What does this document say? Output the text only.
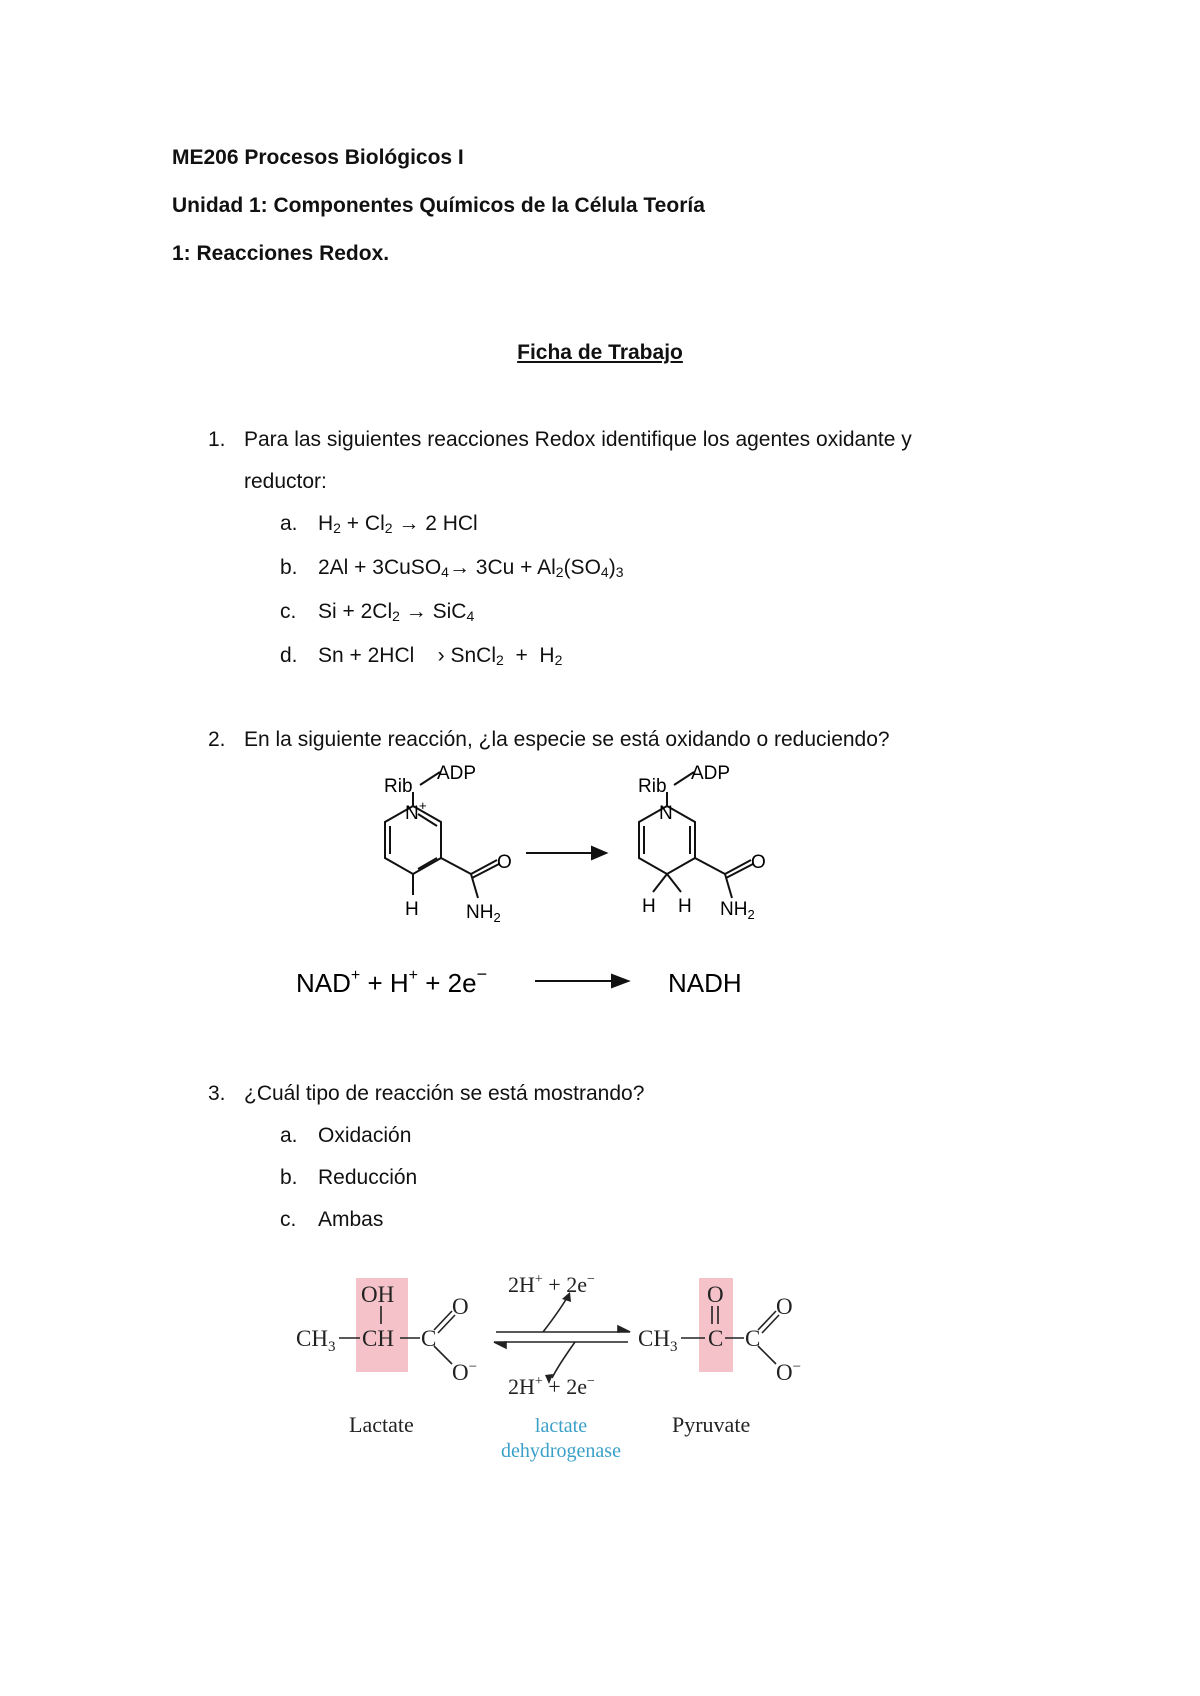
ME206 Procesos Biológicos I
Unidad 1: Componentes Químicos de la Célula Teoría
1: Reacciones Redox.
Ficha de Trabajo
1. Para las siguientes reacciones Redox identifique los agentes oxidante y
reductor:
a. $H_2 + Cl_2 \to 2$ HCl
b. 2Al + 3CuSO$_4$→ $3Cu + Al_2(SO_4)_3$
c. $Si + 2Cl_2 \to SiC_4$
d. Sn + 2HCl    › SnCl$_2$  +  $H_2$
2. En la siguiente reacción, ¿la especie se está oxidando o reduciendo?
Rib
ADP
N +
O
H $NH_2$
Rib
ADP
N
O
H H $NH_2$
NAD+ + H+ + 2e−	NADH
3. ¿Cuál tipo de reacción se está mostrando?
a. Oxidación
b. Reducción
c. Ambas
$CH_3$
OH
CH C
O
O−
2H+ + 2e−
2H+ + 2e−
$CH_3$
O
C C
O
O−
Lactate	Pyruvate
lactate
dehydrogenase
